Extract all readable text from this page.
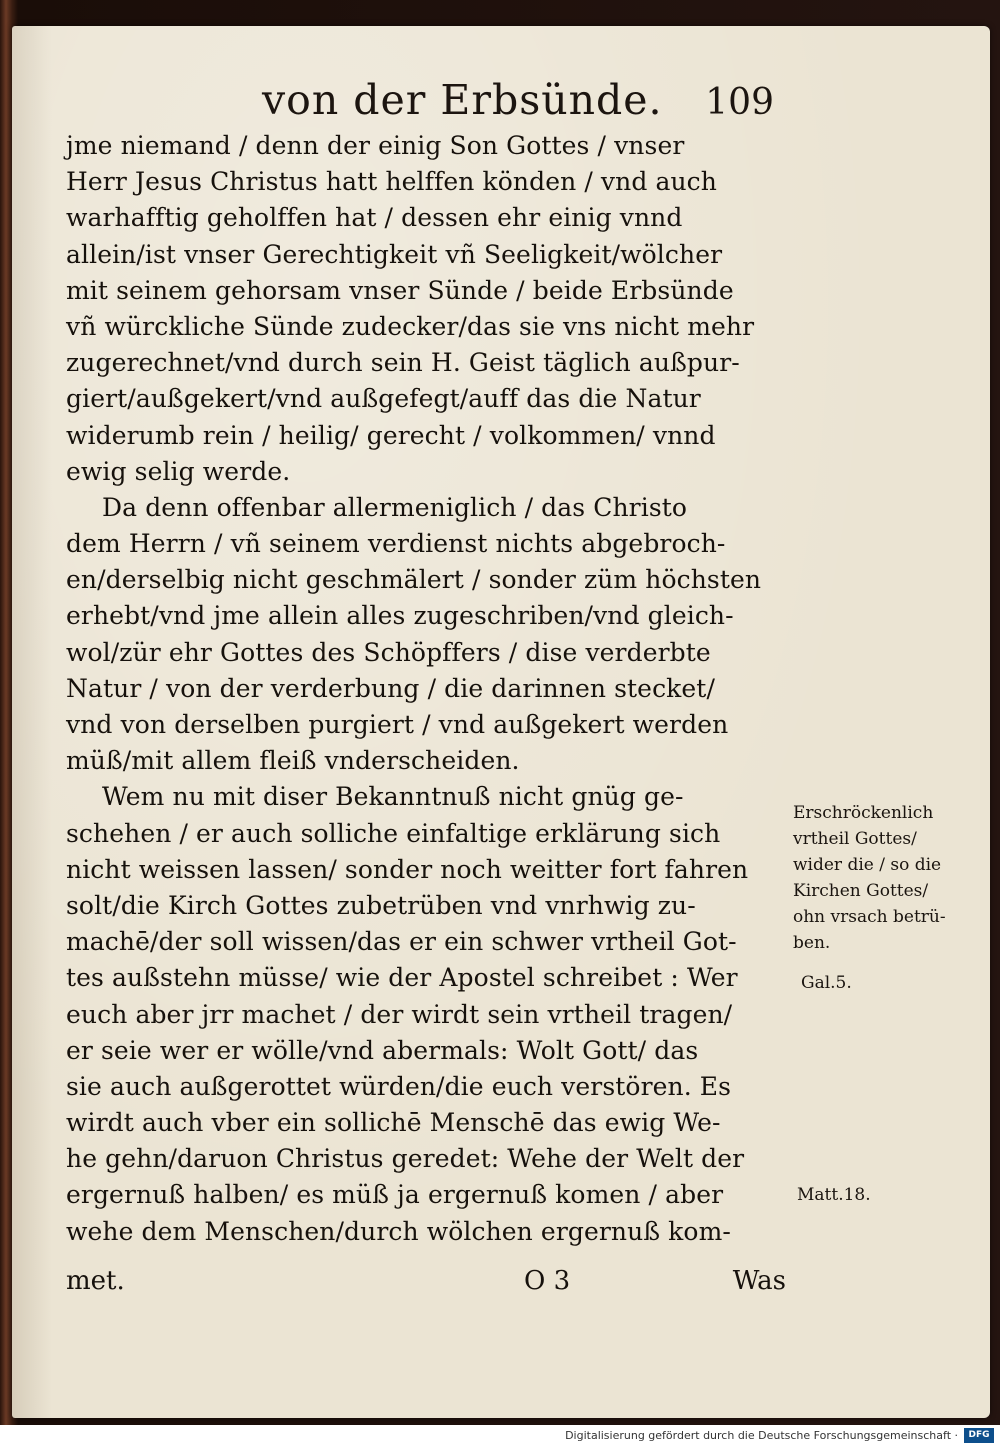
von der Erbsünde. 109
jme niemand / denn der einig Son Gottes / vnser
Herr Jesus Christus hatt helffen könden / vnd auch
warhafftig geholffen hat / dessen ehr einig vnnd
allein/ist vnser Gerechtigkeit vñ Seeligkeit/wölcher
mit seinem gehorsam vnser Sünde / beide Erbsünde
vñ würckliche Sünde zudecker/das sie vns nicht mehr
zugerechnet/vnd durch sein H. Geist täglich außpur-
giert/außgekert/vnd außgefegt/auff das die Natur
widerumb rein / heilig/ gerecht / volkommen/ vnnd
ewig selig werde.
Da denn offenbar allermeniglich / das Christo
dem Herrn / vñ seinem verdienst nichts abgebroch-
en/derselbig nicht geschmälert / sonder züm höchsten
erhebt/vnd jme allein alles zugeschriben/vnd gleich-
wol/zür ehr Gottes des Schöpffers / dise verderbte
Natur / von der verderbung / die darinnen stecket/
vnd von derselben purgiert / vnd außgekert werden
müß/mit allem fleiß vnderscheiden.
Wem nu mit diser Bekanntnuß nicht gnüg ge-
schehen / er auch solliche einfaltige erklärung sich
nicht weissen lassen/ sonder noch weitter fort fahren
solt/die Kirch Gottes zubetrüben vnd vnrhwig zu-
machē/der soll wissen/das er ein schwer vrtheil Got-
tes außstehn müsse/ wie der Apostel schreibet : Wer
euch aber jrr machet / der wirdt sein vrtheil tragen/
er seie wer er wölle/vnd abermals: Wolt Gott/ das
sie auch außgerottet würden/die euch verstören. Es
wirdt auch vber ein sollichē Menschē das ewig We-
he gehn/daruon Christus geredet: Wehe der Welt der
ergernuß halben/ es müß ja ergernuß komen / aber
wehe dem Menschen/durch wölchen ergernuß kom-
met.	O 3	Was
Erschröckenlich
vrtheil Gottes/
wider die / so die
Kirchen Gottes/
ohn vrsach betrü-
ben.
Gal.5.
Matt.18.
Digitalisierung gefördert durch die Deutsche Forschungsgemeinschaft ·	DFG
